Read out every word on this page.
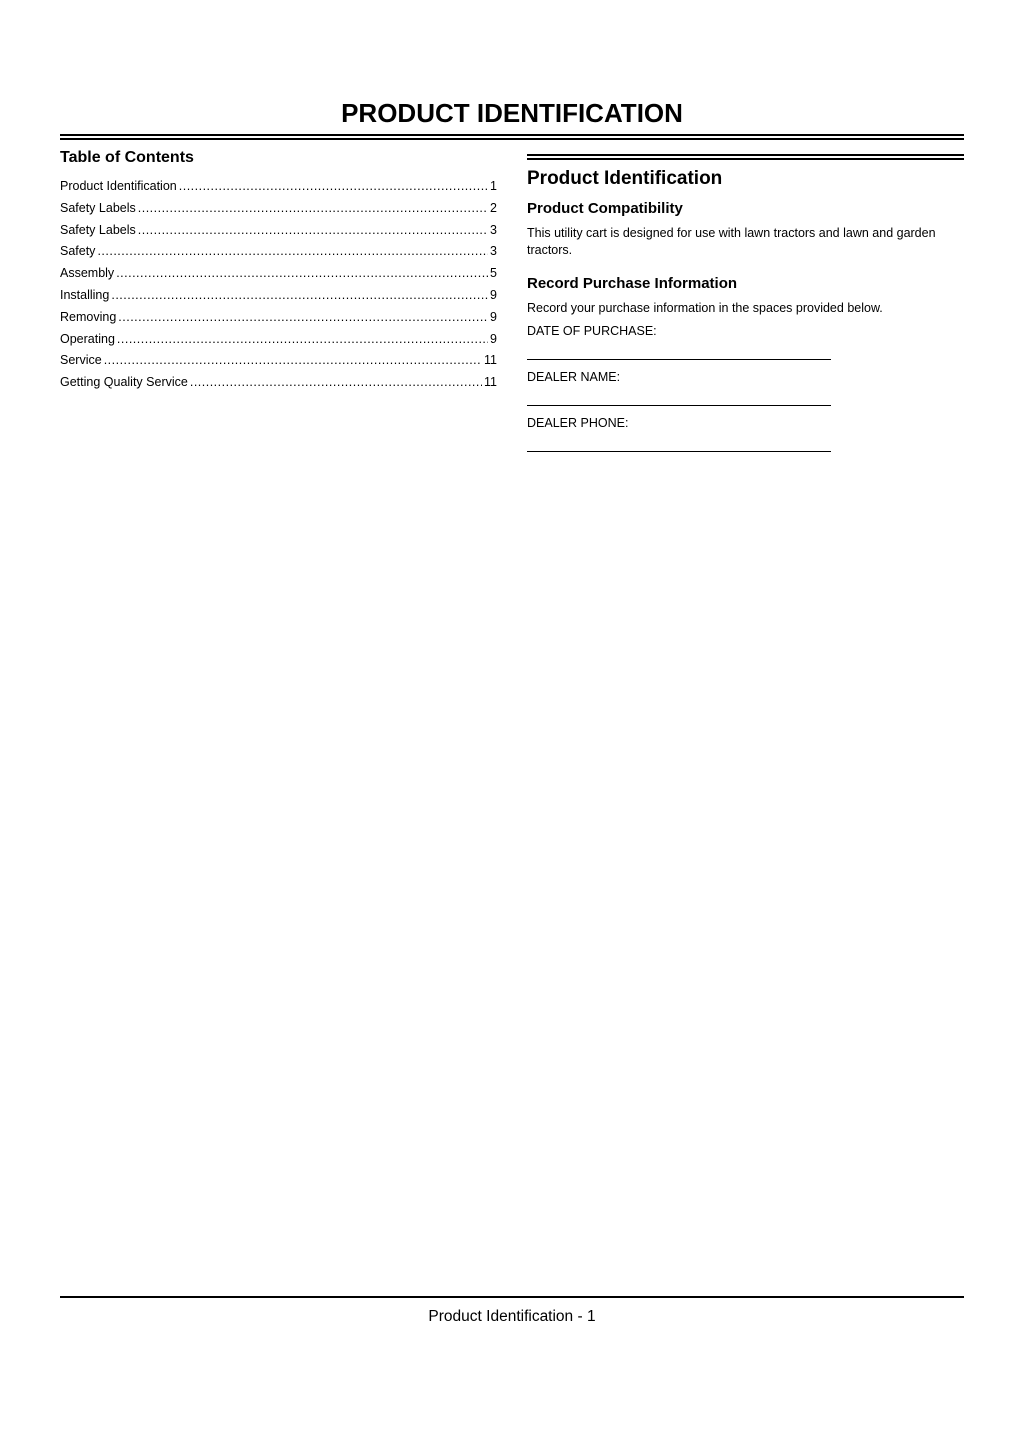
PRODUCT IDENTIFICATION
Table of Contents
Product Identification .....	1
Safety Labels .....	2
Safety Labels .....	3
Safety .....	3
Assembly .....	5
Installing .....	9
Removing .....	9
Operating .....	9
Service .....	11
Getting Quality Service .....	11
Product Identification
Product Compatibility

This utility cart is designed for use with lawn tractors and lawn and garden tractors.

Record Purchase Information

Record your purchase information in the spaces provided below.

DATE OF PURCHASE:

DEALER NAME:

DEALER PHONE:

Product Identification - 1
